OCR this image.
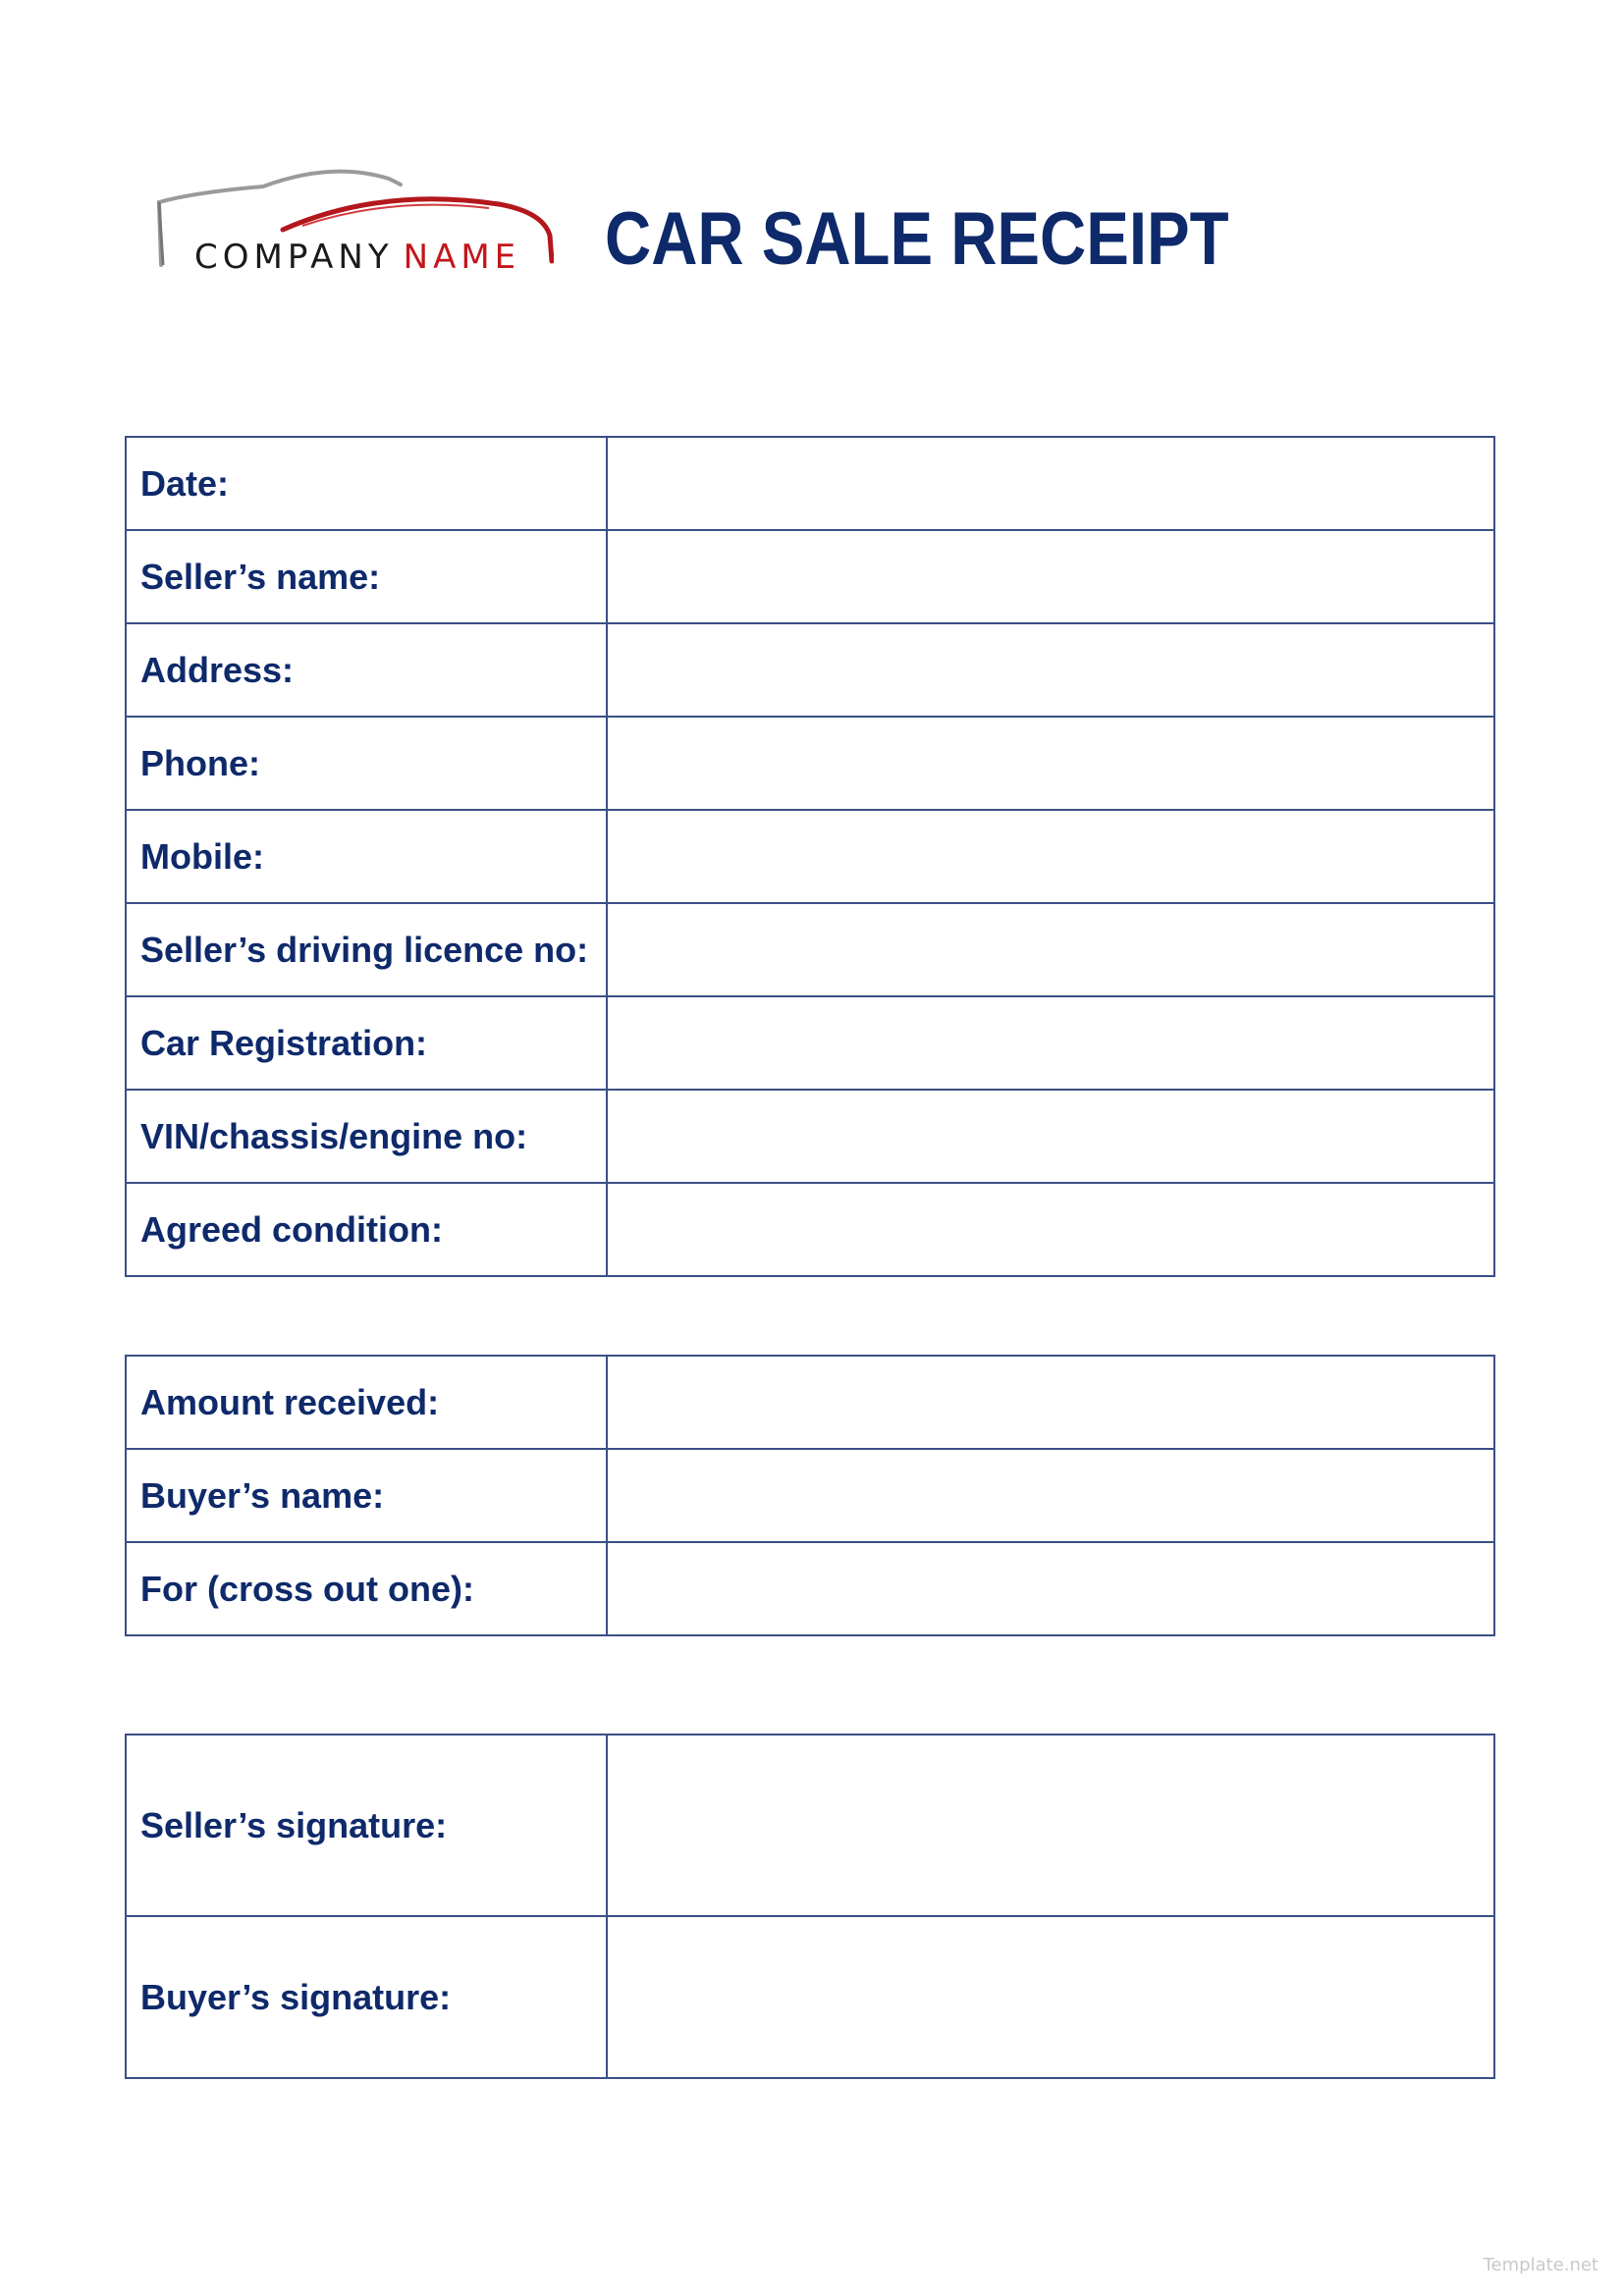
COMPANY NAME CAR SALE RECEIPT
Date:	
Seller’s name:	
Address:	
Phone:	
Mobile:	
Seller’s driving licence no:	
Car Registration:	
VIN/chassis/engine no:	
Agreed condition:	
Amount received:	
Buyer’s name:	
For (cross out one):	
Seller’s signature:	
Buyer’s signature:	
Template.net
